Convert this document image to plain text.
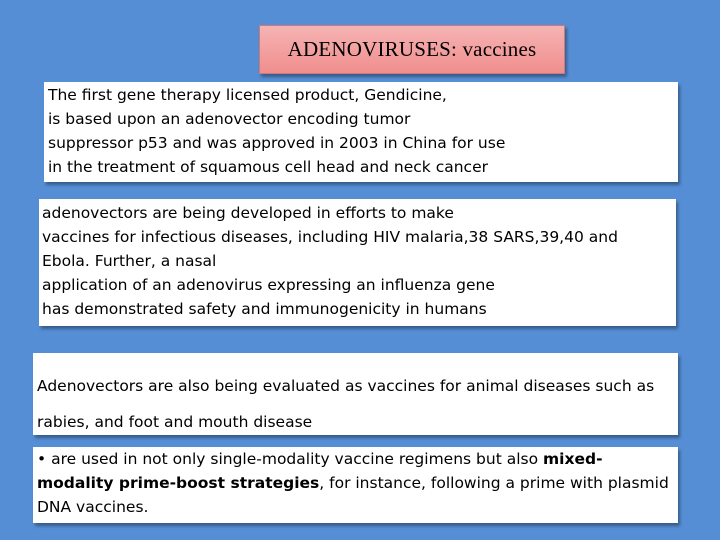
ADENOVIRUSES: vaccines

The first gene therapy licensed product, Gendicine,

is based upon an adenovector encoding tumor

suppressor p53 and was approved in 2003 in China for use

in the treatment of squamous cell head and neck cancer

adenovectors are being developed in efforts to make

vaccines for infectious diseases, including HIV malaria,38 SARS,39,40 and

Ebola. Further, a nasal

application of an adenovirus expressing an influenza gene

has demonstrated safety and immunogenicity in humans

Adenovectors are also being evaluated as vaccines for animal diseases such as rabies, and foot and mouth disease

• are used in not only single-modality vaccine regimens but also mixed-modality prime-boost strategies, for instance, following a prime with plasmid DNA vaccines.
